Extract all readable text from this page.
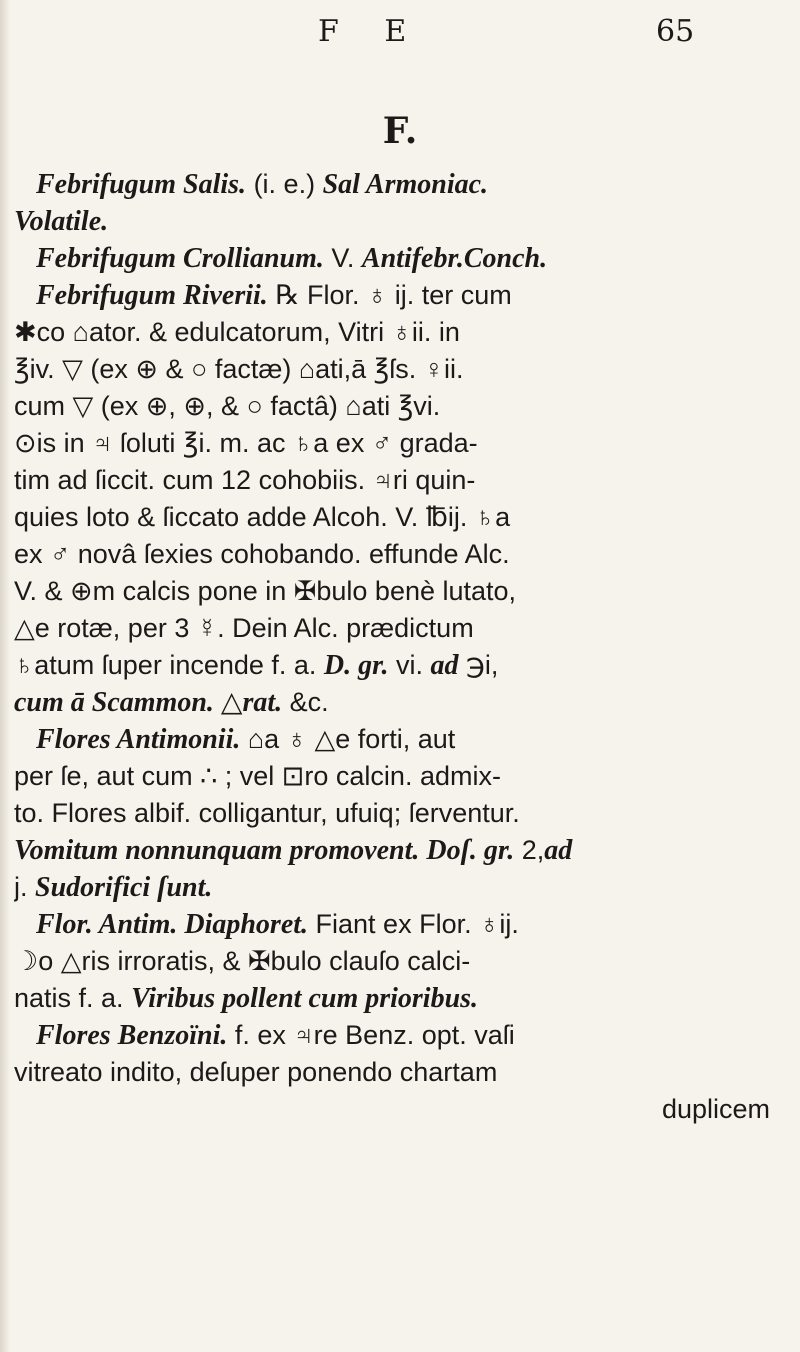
F E	65
F.
Febrifugum Salis. (i. e.) Sal Armoniac.
Volatile.
Febrifugum Crollianum. V. Antifebr.Conch.
Febrifugum Riverii. ℞ Flor. ♁ ij. ter cum
✱co ⌂ator. & edulcatorum, Vitri ♁ii. in
℥iv. ▽ (ex ⊕ & ○ factæ) ⌂ati,ā ℥ſs. ♀ii.
cum ▽ (ex ⊕, ⊕, & ○ factâ) ⌂ati ℥vi.
⊙is in ♃ ſoluti ℥i. m. ac ♄a ex ♂ grada-
tim ad ſiccit. cum 12 cohobiis. ♃ri quin-
quies loto & ſiccato adde Alcoh. V. ℔ij. ♄a
ex ♂ novâ ſexies cohobando. effunde Alc.
V. & ⊕m calcis pone in ✠bulo benè lutato,
△e rotæ, per 3 ☿. Dein Alc. prædictum
♄atum ſuper incende f. a. D. gr. vi. ad ℈i,
cum ā Scammon. △rat. &c.
Flores Antimonii. ⌂a ♁ △e forti, aut
per ſe, aut cum ∴ ; vel ⊡ro calcin. admix-
to. Flores albif. colligantur, ufuiq; ſerventur.
Vomitum nonnunquam promovent. Doſ. gr. 2,ad
j. Sudorifici ſunt.
Flor. Antim. Diaphoret. Fiant ex Flor. ♁ij.
☽o △ris irroratis, & ✠bulo clauſo calci-
natis f. a. Viribus pollent cum prioribus.
Flores Benzoïni. f. ex ♃re Benz. opt. vaſi
vitreato indito, deſuper ponendo chartam
duplicem
